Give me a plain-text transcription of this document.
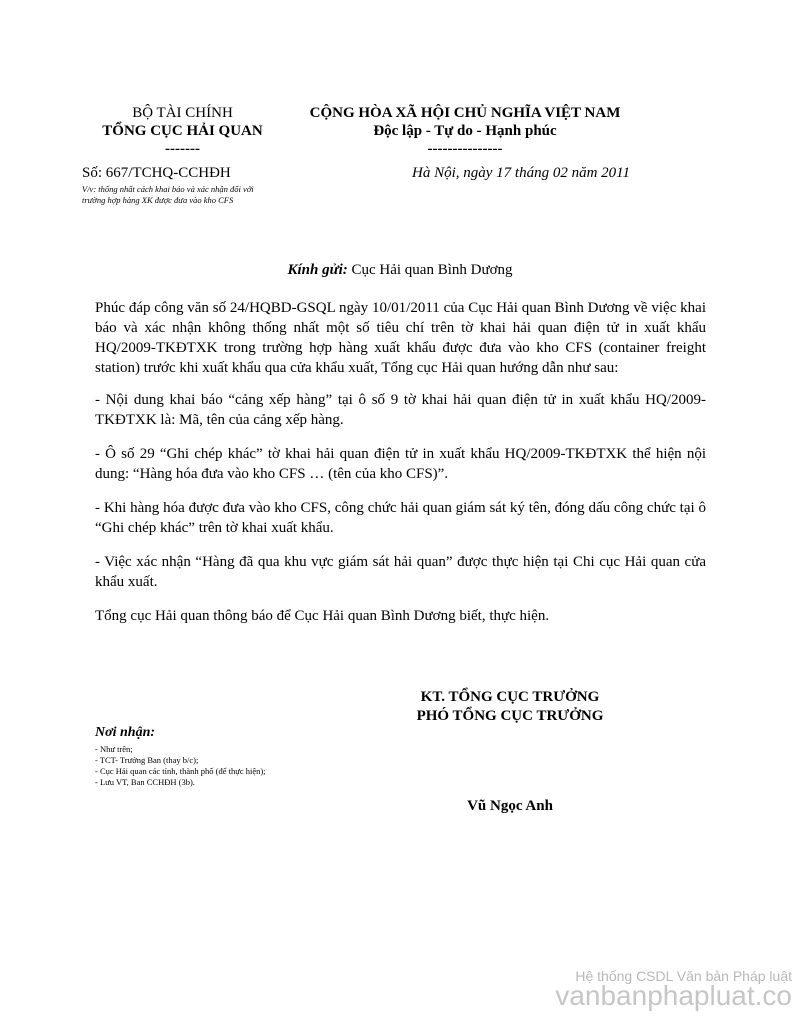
BỘ TÀI CHÍNH
TỔNG CỤC HẢI QUAN
-------
CỘNG HÒA XÃ HỘI CHỦ NGHĨA VIỆT NAM
Độc lập - Tự do - Hạnh phúc
---------------
Số: 667/TCHQ-CCHĐH
V/v: thống nhất cách khai báo và xác nhận đối với trường hợp hàng XK được đưa vào kho CFS
Hà Nội, ngày 17 tháng 02 năm 2011
Kính gửi: Cục Hải quan Bình Dương
Phúc đáp công văn số 24/HQBD-GSQL ngày 10/01/2011 của Cục Hải quan Bình Dương về việc khai báo và xác nhận không thống nhất một số tiêu chí trên tờ khai hải quan điện tử in xuất khẩu HQ/2009-TKĐTXK trong trường hợp hàng xuất khẩu được đưa vào kho CFS (container freight station) trước khi xuất khẩu qua cửa khẩu xuất, Tổng cục Hải quan hướng dẫn như sau:
- Nội dung khai báo “cảng xếp hàng” tại ô số 9 tờ khai hải quan điện tử in xuất khẩu HQ/2009-TKĐTXK là: Mã, tên của cảng xếp hàng.
- Ô số 29 “Ghi chép khác” tờ khai hải quan điện tử in xuất khẩu HQ/2009-TKĐTXK thể hiện nội dung: “Hàng hóa đưa vào kho CFS … (tên của kho CFS)”.
- Khi hàng hóa được đưa vào kho CFS, công chức hải quan giám sát ký tên, đóng dấu công chức tại ô “Ghi chép khác” trên tờ khai xuất khẩu.
- Việc xác nhận “Hàng đã qua khu vực giám sát hải quan” được thực hiện tại Chi cục Hải quan cửa khẩu xuất.
Tổng cục Hải quan thông báo để Cục Hải quan Bình Dương biết, thực hiện.
KT. TỔNG CỤC TRƯỞNG
PHÓ TỔNG CỤC TRƯỞNG
Vũ Ngọc Anh
Nơi nhận:
- Như trên;
- TCT- Trưởng Ban (thay b/c);
- Cục Hải quan các tỉnh, thành phố (để thực hiện);
- Lưu VT, Ban CCHĐH (3b).
Hệ thống CSDL Văn bản Pháp luật
vanbanphapluat.co
